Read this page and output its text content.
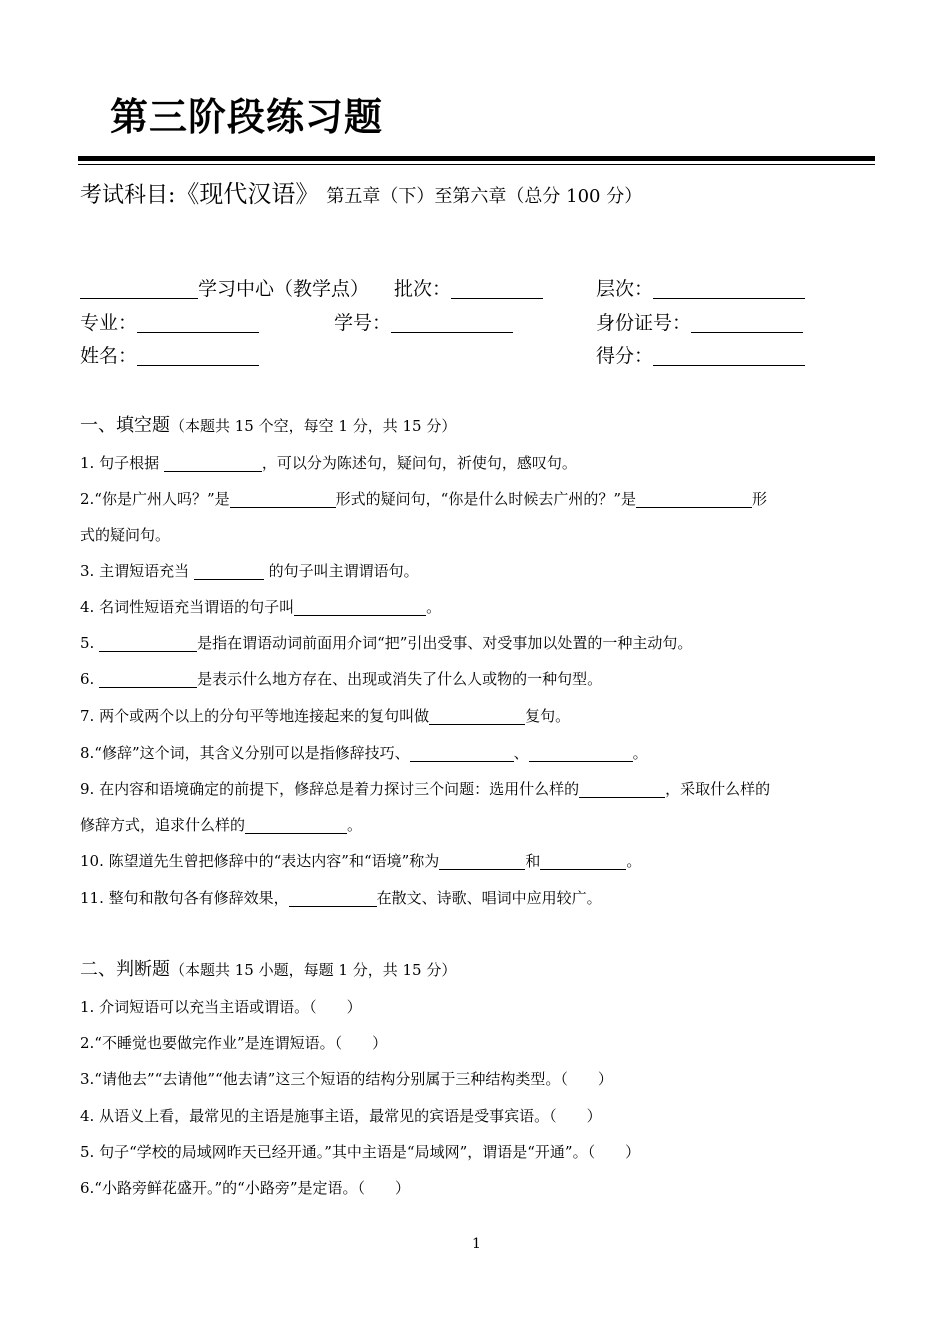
第三阶段练习题
考试科目:《现代汉语》 第五章（下）至第六章（总分 100 分）
学习中心（教学点） 批次：	层次：
专业：	学号：	身份证号：
姓名：	得分：
一、填空题（本题共 15 个空，每空 1 分，共 15 分）
1. 句子根据	，可以分为陈述句，疑问句，祈使句，感叹句。
2.“你是广州人吗？”是	形式的疑问句，“你是什么时候去广州的？”是	形
式的疑问句。
3. 主谓短语充当	的句子叫主谓谓语句。
4. 名词性短语充当谓语的句子叫	。
5.	是指在谓语动词前面用介词“把”引出受事、对受事加以处置的一种主动句。
6.	是表示什么地方存在、出现或消失了什么人或物的一种句型。
7. 两个或两个以上的分句平等地连接起来的复句叫做	复句。
8.“修辞”这个词，其含义分别可以是指修辞技巧、	、	。
9. 在内容和语境确定的前提下，修辞总是着力探讨三个问题：选用什么样的	，采取什么样的
修辞方式，追求什么样的	。
10. 陈望道先生曾把修辞中的“表达内容”和“语境”称为	和	。
11. 整句和散句各有修辞效果，	在散文、诗歌、唱词中应用较广。
二、判断题（本题共 15 小题，每题 1 分，共 15 分）
1. 介词短语可以充当主语或谓语。（　　）
2.“不睡觉也要做完作业”是连谓短语。（　　）
3.“请他去”“去请他”“他去请”这三个短语的结构分别属于三种结构类型。（　　）
4. 从语义上看，最常见的主语是施事主语，最常见的宾语是受事宾语。（　　）
5. 句子“学校的局域网昨天已经开通。”其中主语是“局域网”，谓语是“开通”。（　　）
6.“小路旁鲜花盛开。”的“小路旁”是定语。（　　）
1
